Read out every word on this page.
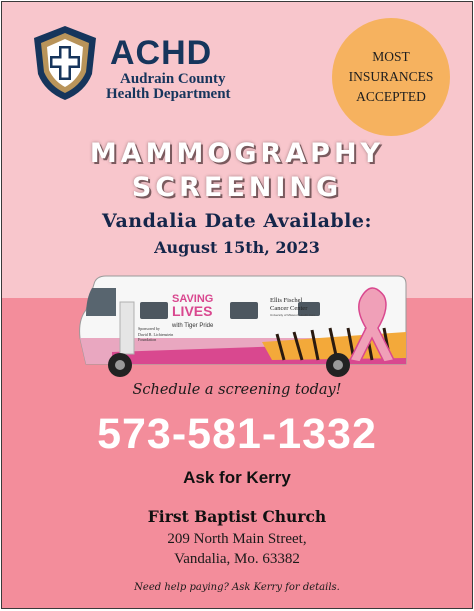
ACHD
Audrain County
Health Department
MOST
INSURANCES
ACCEPTED
MAMMOGRAPHY
SCREENING
Vandalia Date Available:
August 15th, 2023
SAVING
LIVES
with Tiger Pride
Ellis Fischel
Cancer Center
University of Missouri Health Care
Sponsored by
David B. Lichtenstein
Foundation
Schedule a screening today!
573-581-1332
Ask for Kerry
First Baptist Church
209 North Main Street,
Vandalia, Mo. 63382
Need help paying? Ask Kerry for details.
